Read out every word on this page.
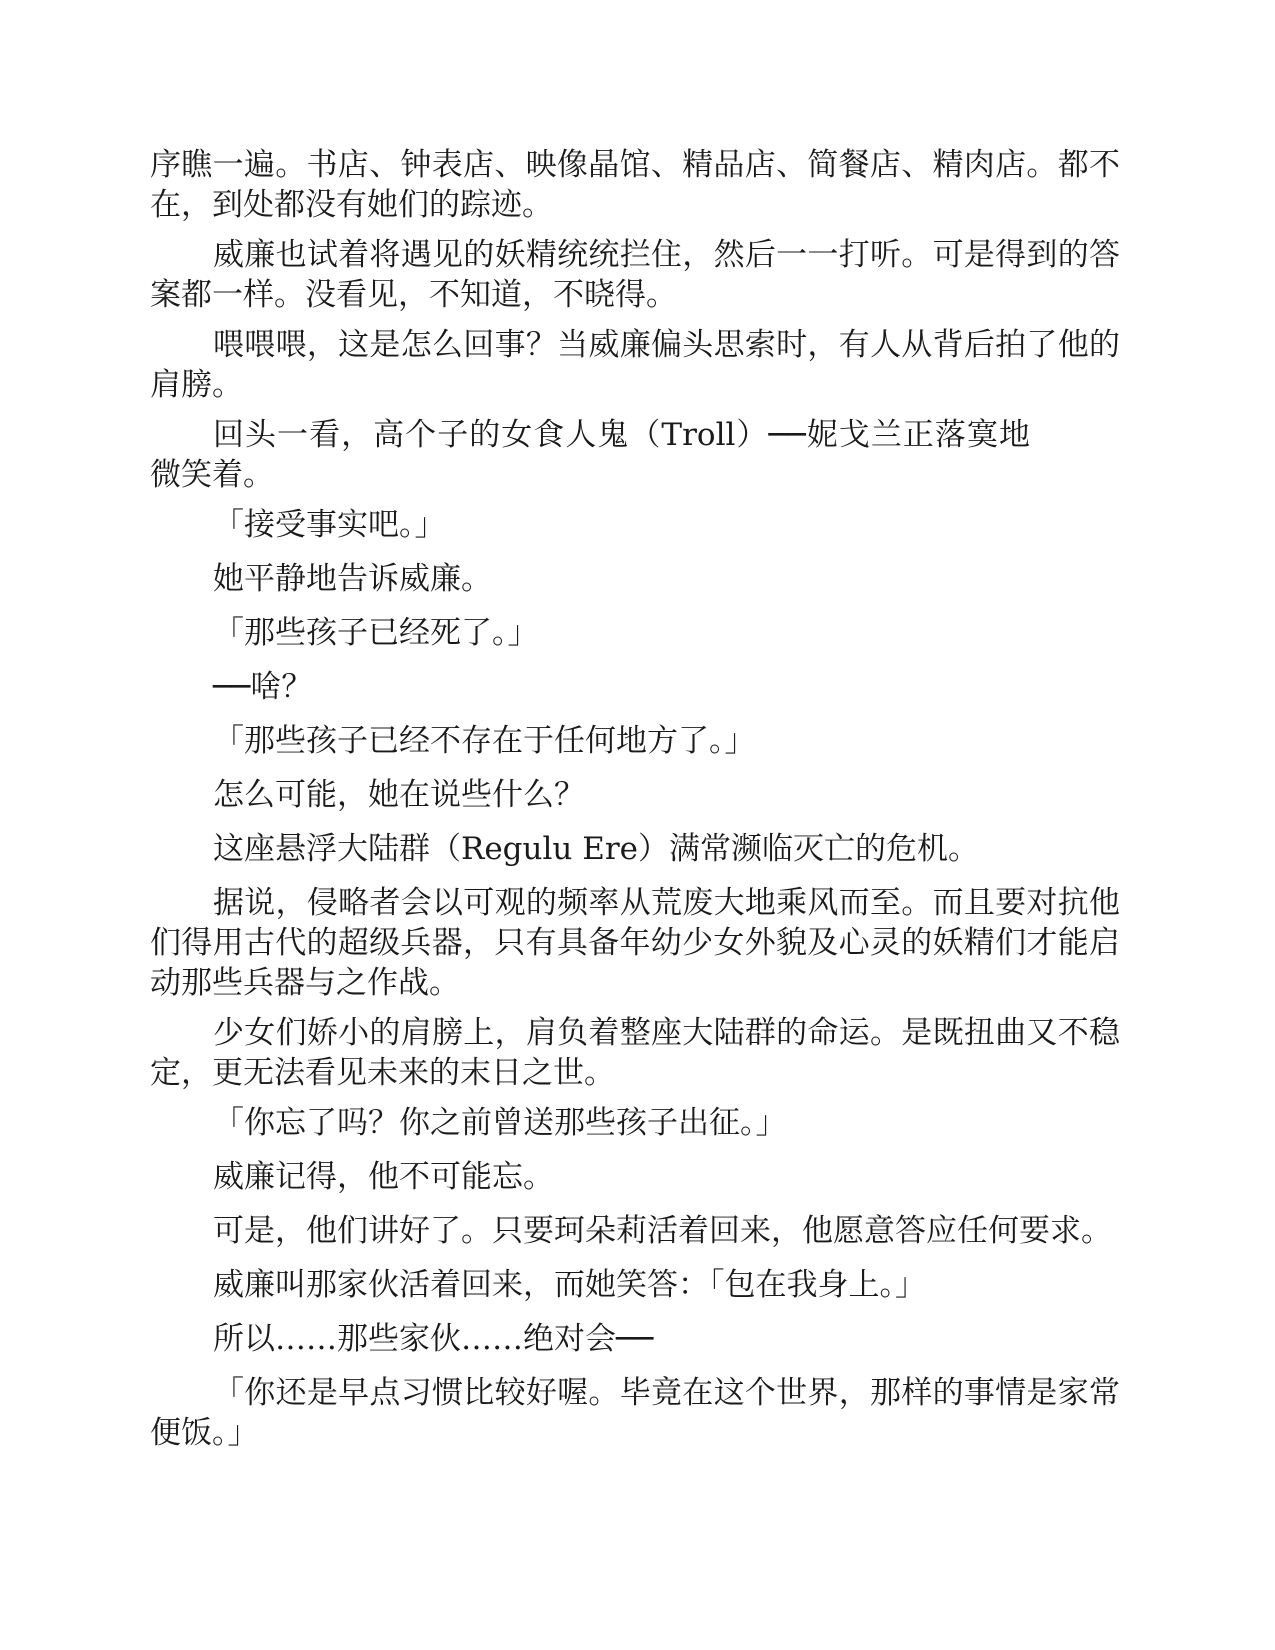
序瞧一遍。书店、钟表店、映像晶馆、精品店、简餐店、精肉店。都不在，到处都没有她们的踪迹。

威廉也试着将遇见的妖精统统拦住，然后一一打听。可是得到的答案都一样。没看见，不知道，不晓得。

喂喂喂，这是怎么回事？当威廉偏头思索时，有人从背后拍了他的肩膀。

回头一看，高个子的女食人鬼（Troll）──妮戈兰正落寞地微笑着。

「接受事实吧。」

她平静地告诉威廉。

「那些孩子已经死了。」

──啥？

「那些孩子已经不存在于任何地方了。」

怎么可能，她在说些什么？

这座悬浮大陆群（Regulu Ere）满常濒临灭亡的危机。

据说，侵略者会以可观的频率从荒废大地乘风而至。而且要对抗他们得用古代的超级兵器，只有具备年幼少女外貌及心灵的妖精们才能启动那些兵器与之作战。

少女们娇小的肩膀上，肩负着整座大陆群的命运。是既扭曲又不稳定，更无法看见未来的末日之世。

「你忘了吗？你之前曾送那些孩子出征。」

威廉记得，他不可能忘。

可是，他们讲好了。只要珂朵莉活着回来，他愿意答应任何要求。

威廉叫那家伙活着回来，而她笑答：「包在我身上。」

所以……那些家伙……绝对会──

「你还是早点习惯比较好喔。毕竟在这个世界，那样的事情是家常便饭。」
